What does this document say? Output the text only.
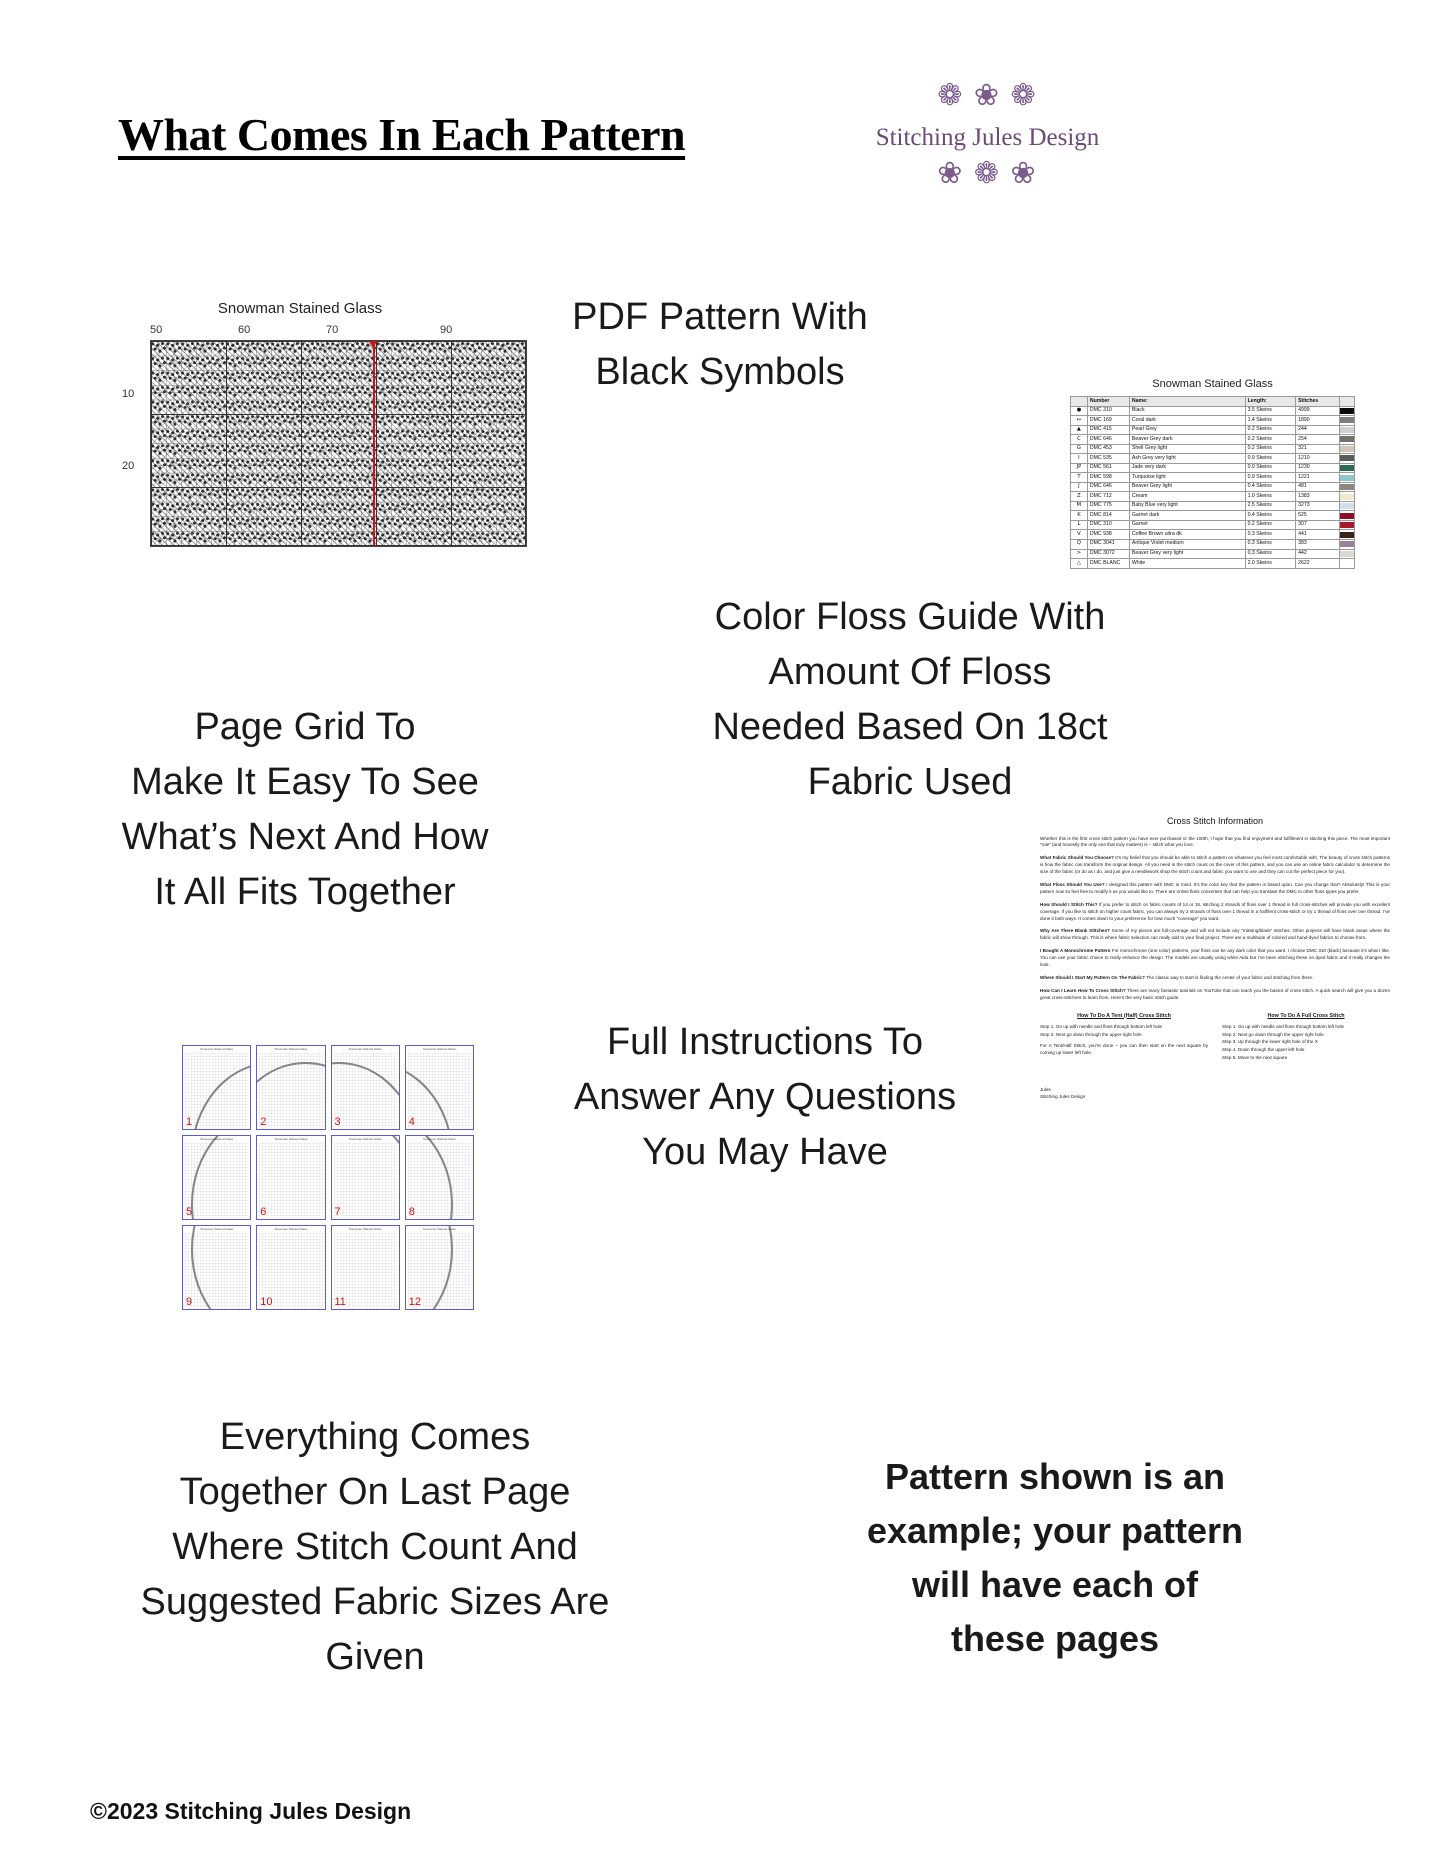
What Comes In Each Pattern
❁ ❀ ❁
Stitching Jules Design
❀ ❁ ❀
Snowman Stained Glass
50	60	70	90
10
20
PDF Pattern With
Black Symbols	Snowman Stained Glass
	Number	Name:	Length:	Stitches	
●	DMC 310	Black	3.5 Skeins	4999	

↔	DMC 169	Coral dark	1.4 Skeins	1890	

▲	DMC 415	Pearl Grey	0.2 Skeins	244	

C	DMC 646	Beaver Grey dark	0.2 Skeins	254	

G	DMC 453	Shell Grey light	0.2 Skeins	321	

I	DMC 535	Ash Grey very light	0.9 Skeins	1210	

JP	DMC 561	Jade very dark	0.9 Skeins	1230	

T	DMC 598	Turquoise light	0.9 Skeins	1221	

J	DMC 646	Beaver Grey light	0.4 Skeins	481	

Z	DMC 712	Cream	1.0 Skeins	1383	

M	DMC 775	Baby Blue very light	2.5 Skeins	3273	

K	DMC 814	Garnet dark	0.4 Skeins	525	

L	DMC 310	Garnet	0.2 Skeins	307	

V	DMC 938	Coffee Brown ultra dk	0.3 Skeins	441	

Q	DMC 3041	Antique Violet medium	0.3 Skeins	383	

>	DMC 3072	Beaver Grey very light	0.3 Skeins	442	

△	DMC BLANC	White	2.0 Skeins	2622	
Color Floss Guide With
Amount Of Floss
Needed Based On 18ct
Fabric Used
Page Grid To
Make It Easy To See
What’s Next And How
It All Fits Together
Snowman Stained Glass
1
Snowman Stained Glass
2
Snowman Stained Glass
3
Snowman Stained Glass
4
Snowman Stained Glass
5
Snowman Stained Glass
6
Snowman Stained Glass
7
Snowman Stained Glass
8
Snowman Stained Glass
9
Snowman Stained Glass
10
Snowman Stained Glass
11
Snowman Stained Glass
12
Full Instructions To
Answer Any Questions
You May Have
Cross Stitch Information

Whether this is the first cross stitch pattern you have ever purchased or the 100th, I hope that you find enjoyment and fulfillment in stitching this piece. The most important “rule” (and honestly the only one that truly matters) is – stitch what you love.

What Fabric Should You Choose? It’s my belief that you should be able to stitch a pattern on whatever you feel most comfortable with. The beauty of cross stitch patterns is how the fabric can transform the original design. All you need is the stitch count on the cover of this pattern, and you can use an online fabric calculator to determine the size of the fabric (or do as I do, and just give a needlework shop the stitch count and fabric you want to use and they can cut the perfect piece for you).

What Floss Should You Use? I designed this pattern with DMC in mind. It’s the color key that the pattern is based upon. Can you change that? Absolutely! This is your pattern now so feel free to modify it as you would like to. There are online floss converters that can help you translate the DMC to other floss types you prefer.

How Should I Stitch This? If you prefer to stitch on fabric counts of 14 or 18, stitching 2 strands of floss over 1 thread in full cross-stitches will provide you with excellent coverage. If you like to stitch on higher count fabric, you can always try 2 strands of floss over 1 thread in a half/tent cross-stitch or try 1 thread of floss over one thread. I’ve done it both ways. It comes down to your preference for how much “coverage” you want.

Why Are There Blank Stitches? Some of my pieces are full-coverage and will not include any “missing/blank” stitches. Other projects will have blank areas where the fabric will show through. This is where fabric selection can really add to your final project. There are a multitude of colored and hand-dyed fabrics to choose from.

I Bought A Monochrome Pattern For monochrome (one color) patterns, your floss can be any dark color that you want. I choose DMC 310 (black) because it’s what I like. You can use your fabric choice to really enhance the design. The models are usually using white Aida but I’ve been stitching these on dyed fabric and it really changes the look.

Where Should I Start My Pattern On The Fabric? The classic way to start is finding the center of your fabric and stitching from there.

How Can I Learn How To Cross Stitch? There are many fantastic tutorials on YouTube that can teach you the basics of cross stitch. A quick search will give you a dozen great cross-stitchers to learn from. Here’s the very basic stitch guide.

How To Do A Tent (Half) Cross Stitch

Step 1. Go up with needle and floss through bottom left hole

Step 2. Next go down through the upper right hole

For A Tent/Half Stitch, you’re done – you can then start on the next square by coming up lower left hole.

How To Do A Full Cross Stitch

Step 1. Go up with needle and floss through bottom left hole

Step 2. Next go down through the upper right hole

Step 3. Up through the lower right hole of the X

Step 4. Down through the upper left hole

Step 5. Move to the next square

Jules
Stitching Jules Design
Everything Comes
Together On Last Page
Where Stitch Count And
Suggested Fabric Sizes Are
Given
Pattern shown is an
example; your pattern
will have each of
these pages
©2023 Stitching Jules Design
